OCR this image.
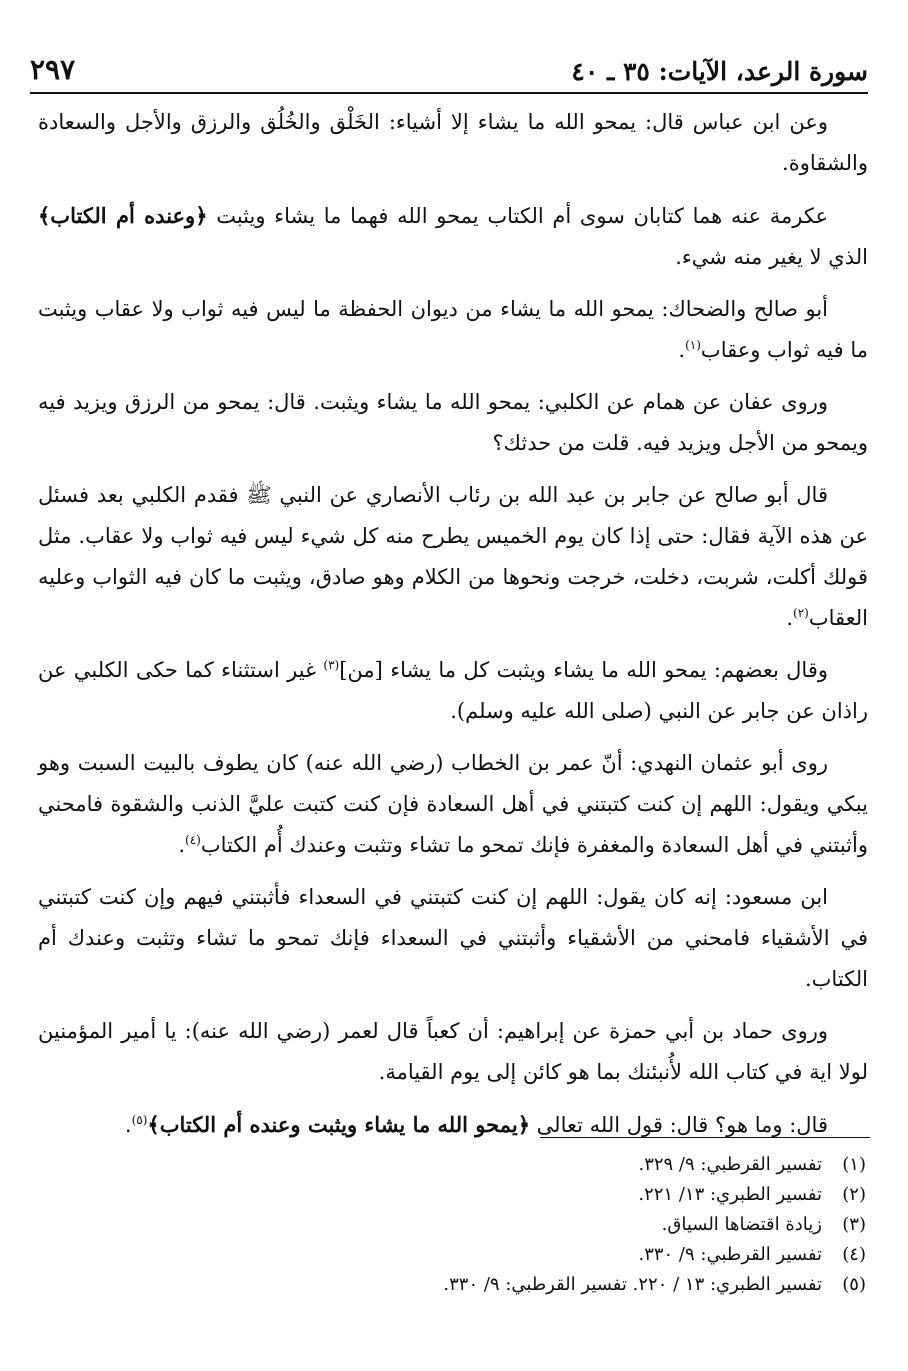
سورة الرعد، الآيات: ٣٥ ـ ٤٠
٢٩٧

وعن ابن عباس قال: يمحو الله ما يشاء إلا أشياء: الخَلْق والخُلُق والرزق والأجل والسعادة والشقاوة.

عكرمة عنه هما كتابان سوى أم الكتاب يمحو الله فهما ما يشاء ويثبت ﴿وعنده أم الكتاب﴾ الذي لا يغير منه شيء.

أبو صالح والضحاك: يمحو الله ما يشاء من ديوان الحفظة ما ليس فيه ثواب ولا عقاب ويثبت ما فيه ثواب وعقاب$^{(١)}$.

وروى عفان عن همام عن الكلبي: يمحو الله ما يشاء ويثبت. قال: يمحو من الرزق ويزيد فيه ويمحو من الأجل ويزيد فيه. قلت من حدثك؟

قال أبو صالح عن جابر بن عبد الله بن رئاب الأنصاري عن النبي ﷺ فقدم الكلبي بعد فسئل عن هذه الآية فقال: حتى إذا كان يوم الخميس يطرح منه كل شيء ليس فيه ثواب ولا عقاب. مثل قولك أكلت، شربت، دخلت، خرجت ونحوها من الكلام وهو صادق، ويثبت ما كان فيه الثواب وعليه العقاب$^{(٢)}$.

وقال بعضهم: يمحو الله ما يشاء ويثبت كل ما يشاء [من]$^{(٣)}$ غير استثناء كما حكى الكلبي عن راذان عن جابر عن النبي (صلى الله عليه وسلم).

روى أبو عثمان النهدي: أنّ عمر بن الخطاب (رضي الله عنه) كان يطوف بالبيت السبت وهو يبكي ويقول: اللهم إن كنت كتبتني في أهل السعادة فإن كنت كتبت عليَّ الذنب والشقوة فامحني وأثبتني في أهل السعادة والمغفرة فإنك تمحو ما تشاء وتثبت وعندك أُم الكتاب$^{(٤)}$.

ابن مسعود: إنه كان يقول: اللهم إن كنت كتبتني في السعداء فأثبتني فيهم وإن كنت كتبتني في الأشقياء فامحني من الأشقياء وأثبتني في السعداء فإنك تمحو ما تشاء وتثبت وعندك أم الكتاب.

وروى حماد بن أبي حمزة عن إبراهيم: أن كعباً قال لعمر (رضي الله عنه): يا أمير المؤمنين لولا اية في كتاب الله لأُنبئنك بما هو كائن إلى يوم القيامة.

قال: وما هو؟ قال: قول الله تعالى ﴿يمحو الله ما يشاء ويثبت وعنده أم الكتاب﴾$^{(٥)}$.

(١)
تفسير القرطبي: ٩/ ٣٢٩.
(٢)
تفسير الطبري: ١٣/ ٢٢١.
(٣)
زيادة اقتضاها السياق.
(٤)
تفسير القرطبي: ٩/ ٣٣٠.
(٥)
تفسير الطبري: ١٣ / ٢٢٠. تفسير القرطبي: ٩/ ٣٣٠.
